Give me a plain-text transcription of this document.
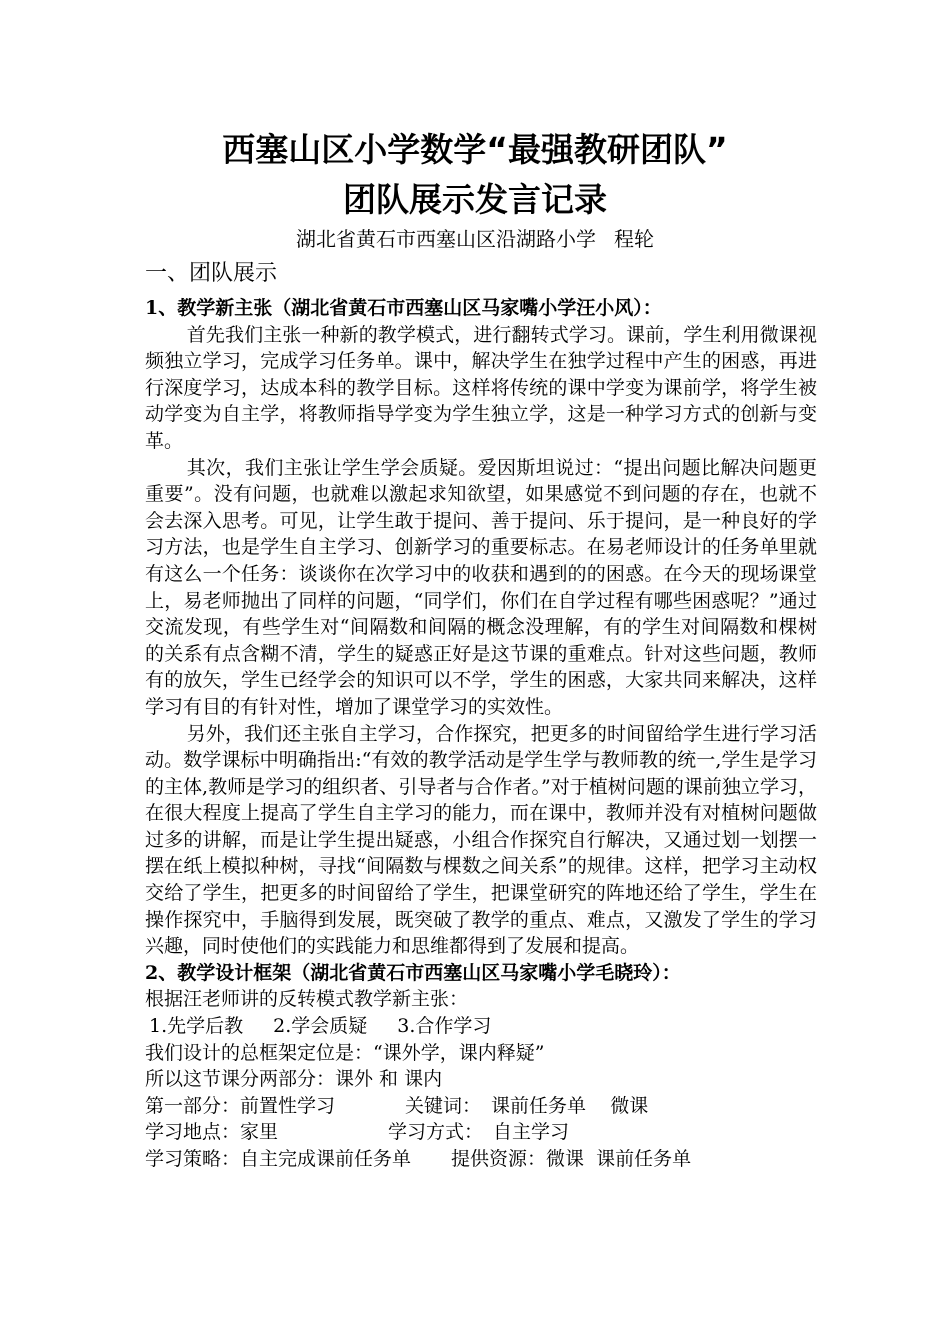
西塞山区小学数学“最强教研团队”
团队展示发言记录
湖北省黄石市西塞山区沿湖路小学 程轮
一、团队展示
1、教学新主张（湖北省黄石市西塞山区马家嘴小学汪小风）：

首先我们主张一种新的教学模式，进行翻转式学习。课前，学生利用微课视频独立学习，完成学习任务单。课中，解决学生在独学过程中产生的困惑，再进行深度学习，达成本科的教学目标。这样将传统的课中学变为课前学，将学生被动学变为自主学，将教师指导学变为学生独立学，这是一种学习方式的创新与变革。

其次，我们主张让学生学会质疑。爱因斯坦说过：“提出问题比解决问题更重要”。没有问题，也就难以激起求知欲望，如果感觉不到问题的存在，也就不会去深入思考。可见，让学生敢于提问、善于提问、乐于提问，是一种良好的学习方法，也是学生自主学习、创新学习的重要标志。在易老师设计的任务单里就有这么一个任务：谈谈你在次学习中的收获和遇到的的困惑。在今天的现场课堂上，易老师抛出了同样的问题，“同学们，你们在自学过程有哪些困惑呢？”通过交流发现，有些学生对“间隔数和间隔的概念没理解，有的学生对间隔数和棵树的关系有点含糊不清，学生的疑惑正好是这节课的重难点。针对这些问题，教师有的放矢，学生已经学会的知识可以不学，学生的困惑，大家共同来解决，这样学习有目的有针对性，增加了课堂学习的实效性。

另外，我们还主张自主学习，合作探究，把更多的时间留给学生进行学习活动。数学课标中明确指出:“有效的教学活动是学生学与教师教的统一,学生是学习的主体,教师是学习的组织者、引导者与合作者。”对于植树问题的课前独立学习，在很大程度上提高了学生自主学习的能力，而在课中，教师并没有对植树问题做过多的讲解，而是让学生提出疑惑，小组合作探究自行解决，又通过划一划摆一摆在纸上模拟种树，寻找“间隔数与棵数之间关系”的规律。这样，把学习主动权交给了学生，把更多的时间留给了学生，把课堂研究的阵地还给了学生，学生在操作探究中，手脑得到发展，既突破了教学的重点、难点，又激发了学生的学习兴趣，同时使他们的实践能力和思维都得到了发展和提高。

2、教学设计框架（湖北省黄石市西塞山区马家嘴小学毛晓玲）：

根据汪老师讲的反转模式教学新主张：

1.先学后教 2.学会质疑 3.合作学习

我们设计的总框架定位是：“课外学，课内释疑”

所以这节课分两部分：课外 和 课内

第一部分：前置性学习	关键词： 课前任务单    微课

学习地点：家里	学习方式： 自主学习

学习策略：自主完成课前任务单 提供资源：微课  课前任务单
